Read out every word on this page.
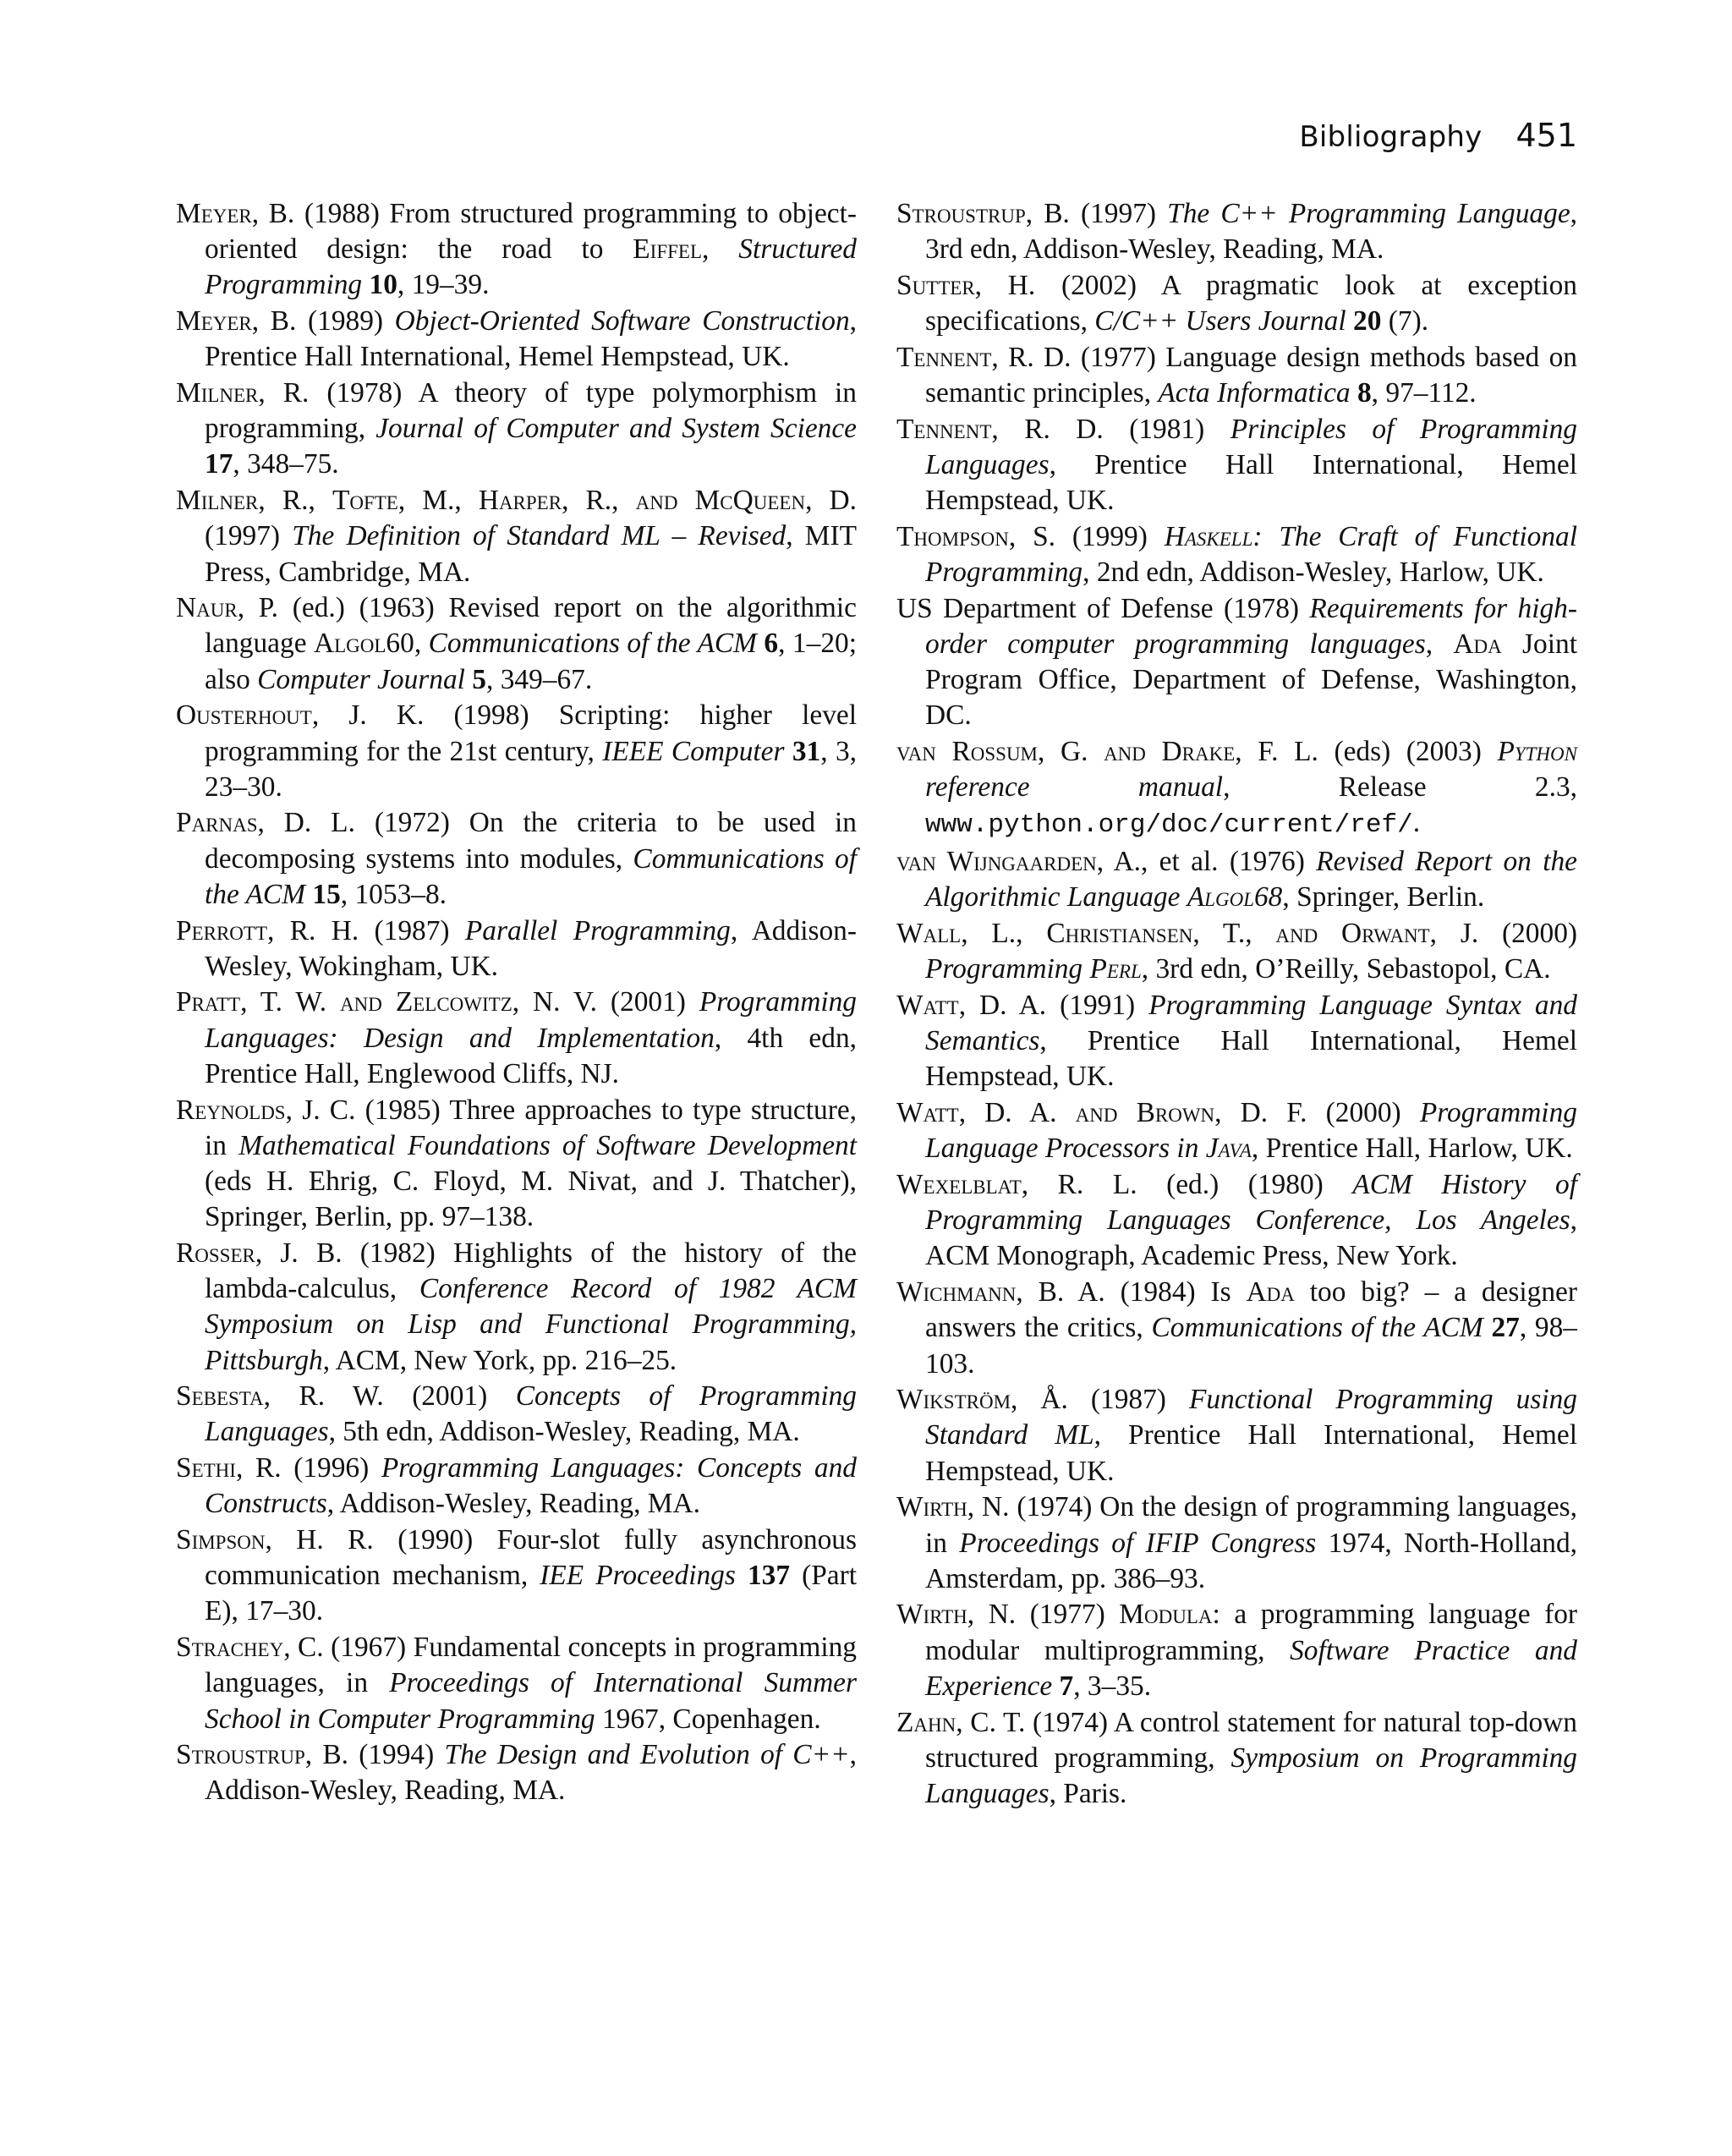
Bibliography 451

Meyer, B. (1988) From structured programming to object-oriented design: the road to Eiffel, Structured Programming 10, 19–39.

Meyer, B. (1989) Object-Oriented Software Construction, Prentice Hall International, Hemel Hempstead, UK.

Milner, R. (1978) A theory of type polymorphism in programming, Journal of Computer and System Science 17, 348–75.

Milner, R., Tofte, M., Harper, R., and McQueen, D. (1997) The Definition of Standard ML – Revised, MIT Press, Cambridge, MA.

Naur, P. (ed.) (1963) Revised report on the algorithmic language Algol60, Communications of the ACM 6, 1–20; also Computer Journal 5, 349–67.

Ousterhout, J. K. (1998) Scripting: higher level programming for the 21st century, IEEE Computer 31, 3, 23–30.

Parnas, D. L. (1972) On the criteria to be used in decomposing systems into modules, Communications of the ACM 15, 1053–8.

Perrott, R. H. (1987) Parallel Programming, Addison-Wesley, Wokingham, UK.

Pratt, T. W. and Zelcowitz, N. V. (2001) Programming Languages: Design and Implementation, 4th edn, Prentice Hall, Englewood Cliffs, NJ.

Reynolds, J. C. (1985) Three approaches to type structure, in Mathematical Foundations of Software Development (eds H. Ehrig, C. Floyd, M. Nivat, and J. Thatcher), Springer, Berlin, pp. 97–138.

Rosser, J. B. (1982) Highlights of the history of the lambda-calculus, Conference Record of 1982 ACM Symposium on Lisp and Functional Programming, Pittsburgh, ACM, New York, pp. 216–25.

Sebesta, R. W. (2001) Concepts of Programming Languages, 5th edn, Addison-Wesley, Reading, MA.

Sethi, R. (1996) Programming Languages: Concepts and Constructs, Addison-Wesley, Reading, MA.

Simpson, H. R. (1990) Four-slot fully asynchronous communication mechanism, IEE Proceedings 137 (Part E), 17–30.

Strachey, C. (1967) Fundamental concepts in programming languages, in Proceedings of International Summer School in Computer Programming 1967, Copenhagen.

Stroustrup, B. (1994) The Design and Evolution of C++, Addison-Wesley, Reading, MA.

Stroustrup, B. (1997) The C++ Programming Language, 3rd edn, Addison-Wesley, Reading, MA.

Sutter, H. (2002) A pragmatic look at exception specifications, C/C++ Users Journal 20 (7).

Tennent, R. D. (1977) Language design methods based on semantic principles, Acta Informatica 8, 97–112.

Tennent, R. D. (1981) Principles of Programming Languages, Prentice Hall International, Hemel Hempstead, UK.

Thompson, S. (1999) Haskell: The Craft of Functional Programming, 2nd edn, Addison-Wesley, Harlow, UK.

US Department of Defense (1978) Requirements for high-order computer programming languages, Ada Joint Program Office, Department of Defense, Washington, DC.

van Rossum, G. and Drake, F. L. (eds) (2003) Python reference manual, Release 2.3, www.python.org/doc/current/ref/.

van Wijngaarden, A., et al. (1976) Revised Report on the Algorithmic Language Algol68, Springer, Berlin.

Wall, L., Christiansen, T., and Orwant, J. (2000) Programming Perl, 3rd edn, O’Reilly, Sebastopol, CA.

Watt, D. A. (1991) Programming Language Syntax and Semantics, Prentice Hall International, Hemel Hempstead, UK.

Watt, D. A. and Brown, D. F. (2000) Programming Language Processors in Java, Prentice Hall, Harlow, UK.

Wexelblat, R. L. (ed.) (1980) ACM History of Programming Languages Conference, Los Angeles, ACM Monograph, Academic Press, New York.

Wichmann, B. A. (1984) Is Ada too big? – a designer answers the critics, Communications of the ACM 27, 98–103.

Wikström, Å. (1987) Functional Programming using Standard ML, Prentice Hall International, Hemel Hempstead, UK.

Wirth, N. (1974) On the design of programming languages, in Proceedings of IFIP Congress 1974, North-Holland, Amsterdam, pp. 386–93.

Wirth, N. (1977) Modula: a programming language for modular multiprogramming, Software Practice and Experience 7, 3–35.

Zahn, C. T. (1974) A control statement for natural top-down structured programming, Symposium on Programming Languages, Paris.
